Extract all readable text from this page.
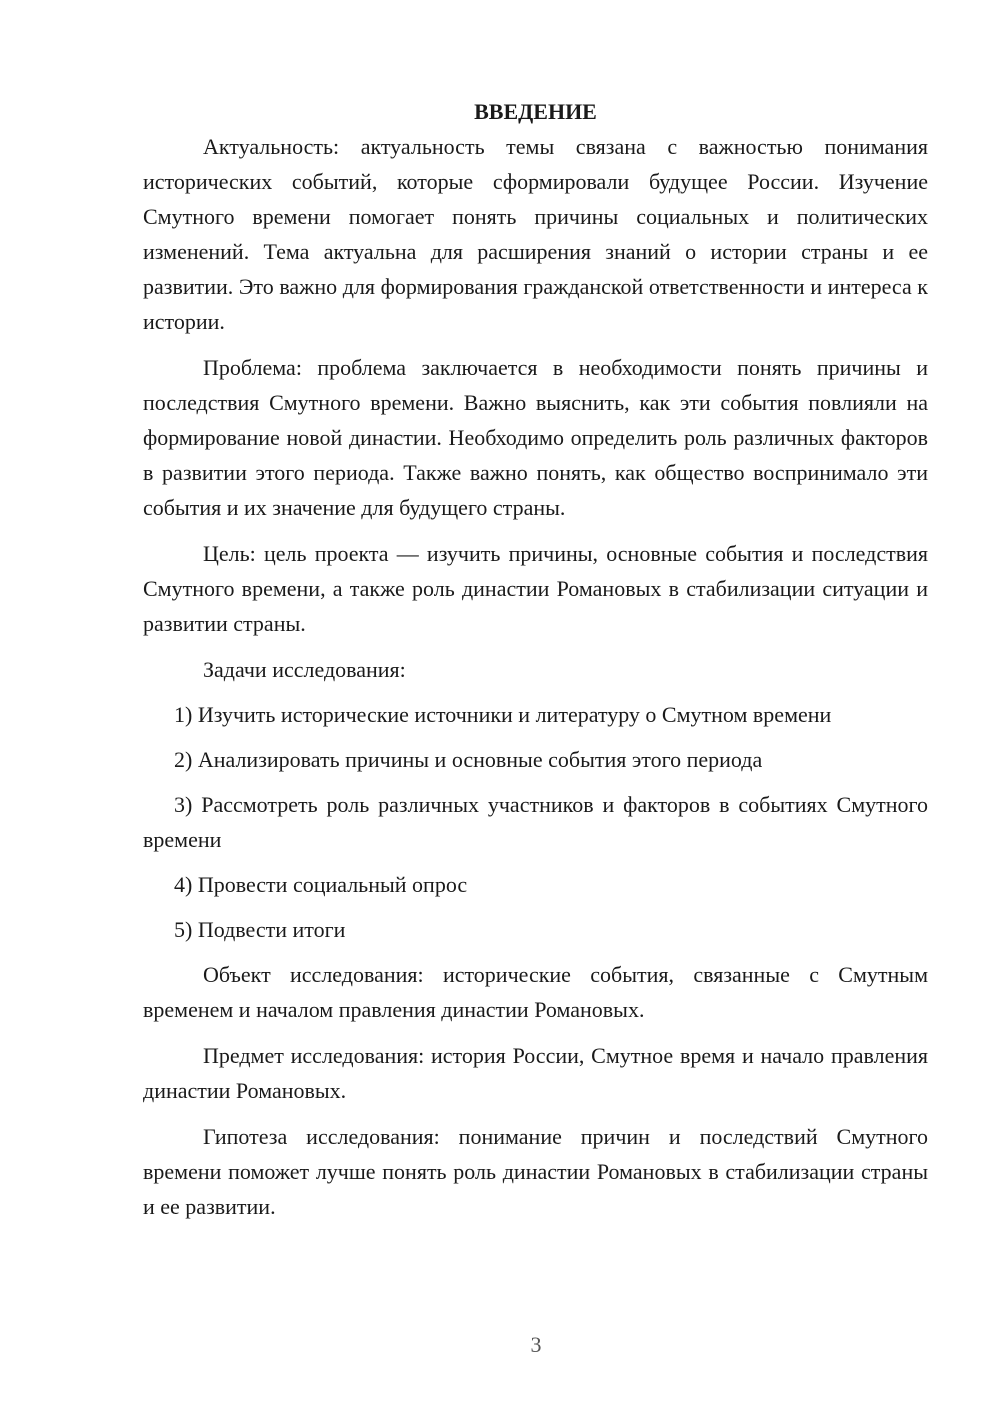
ВВЕДЕНИЕ

Актуальность: актуальность темы связана с важностью понимания исторических событий, которые сформировали будущее России. Изучение Смутного времени помогает понять причины социальных и политических изменений. Тема актуальна для расширения знаний о истории страны и ее развитии. Это важно для формирования гражданской ответственности и интереса к истории.

Проблема: проблема заключается в необходимости понять причины и последствия Смутного времени. Важно выяснить, как эти события повлияли на формирование новой династии. Необходимо определить роль различных факторов в развитии этого периода. Также важно понять, как общество воспринимало эти события и их значение для будущего страны.

Цель: цель проекта — изучить причины, основные события и последствия Смутного времени, а также роль династии Романовых в стабилизации ситуации и развитии страны.

Задачи исследования:

1) Изучить исторические источники и литературу о Смутном времени

2) Анализировать причины и основные события этого периода

3) Рассмотреть роль различных участников и факторов в событиях Смутного времени

4) Провести социальный опрос

5) Подвести итоги

Объект исследования: исторические события, связанные с Смутным временем и началом правления династии Романовых.

Предмет исследования: история России, Смутное время и начало правления династии Романовых.

Гипотеза исследования: понимание причин и последствий Смутного времени поможет лучше понять роль династии Романовых в стабилизации страны и ее развитии.

3
